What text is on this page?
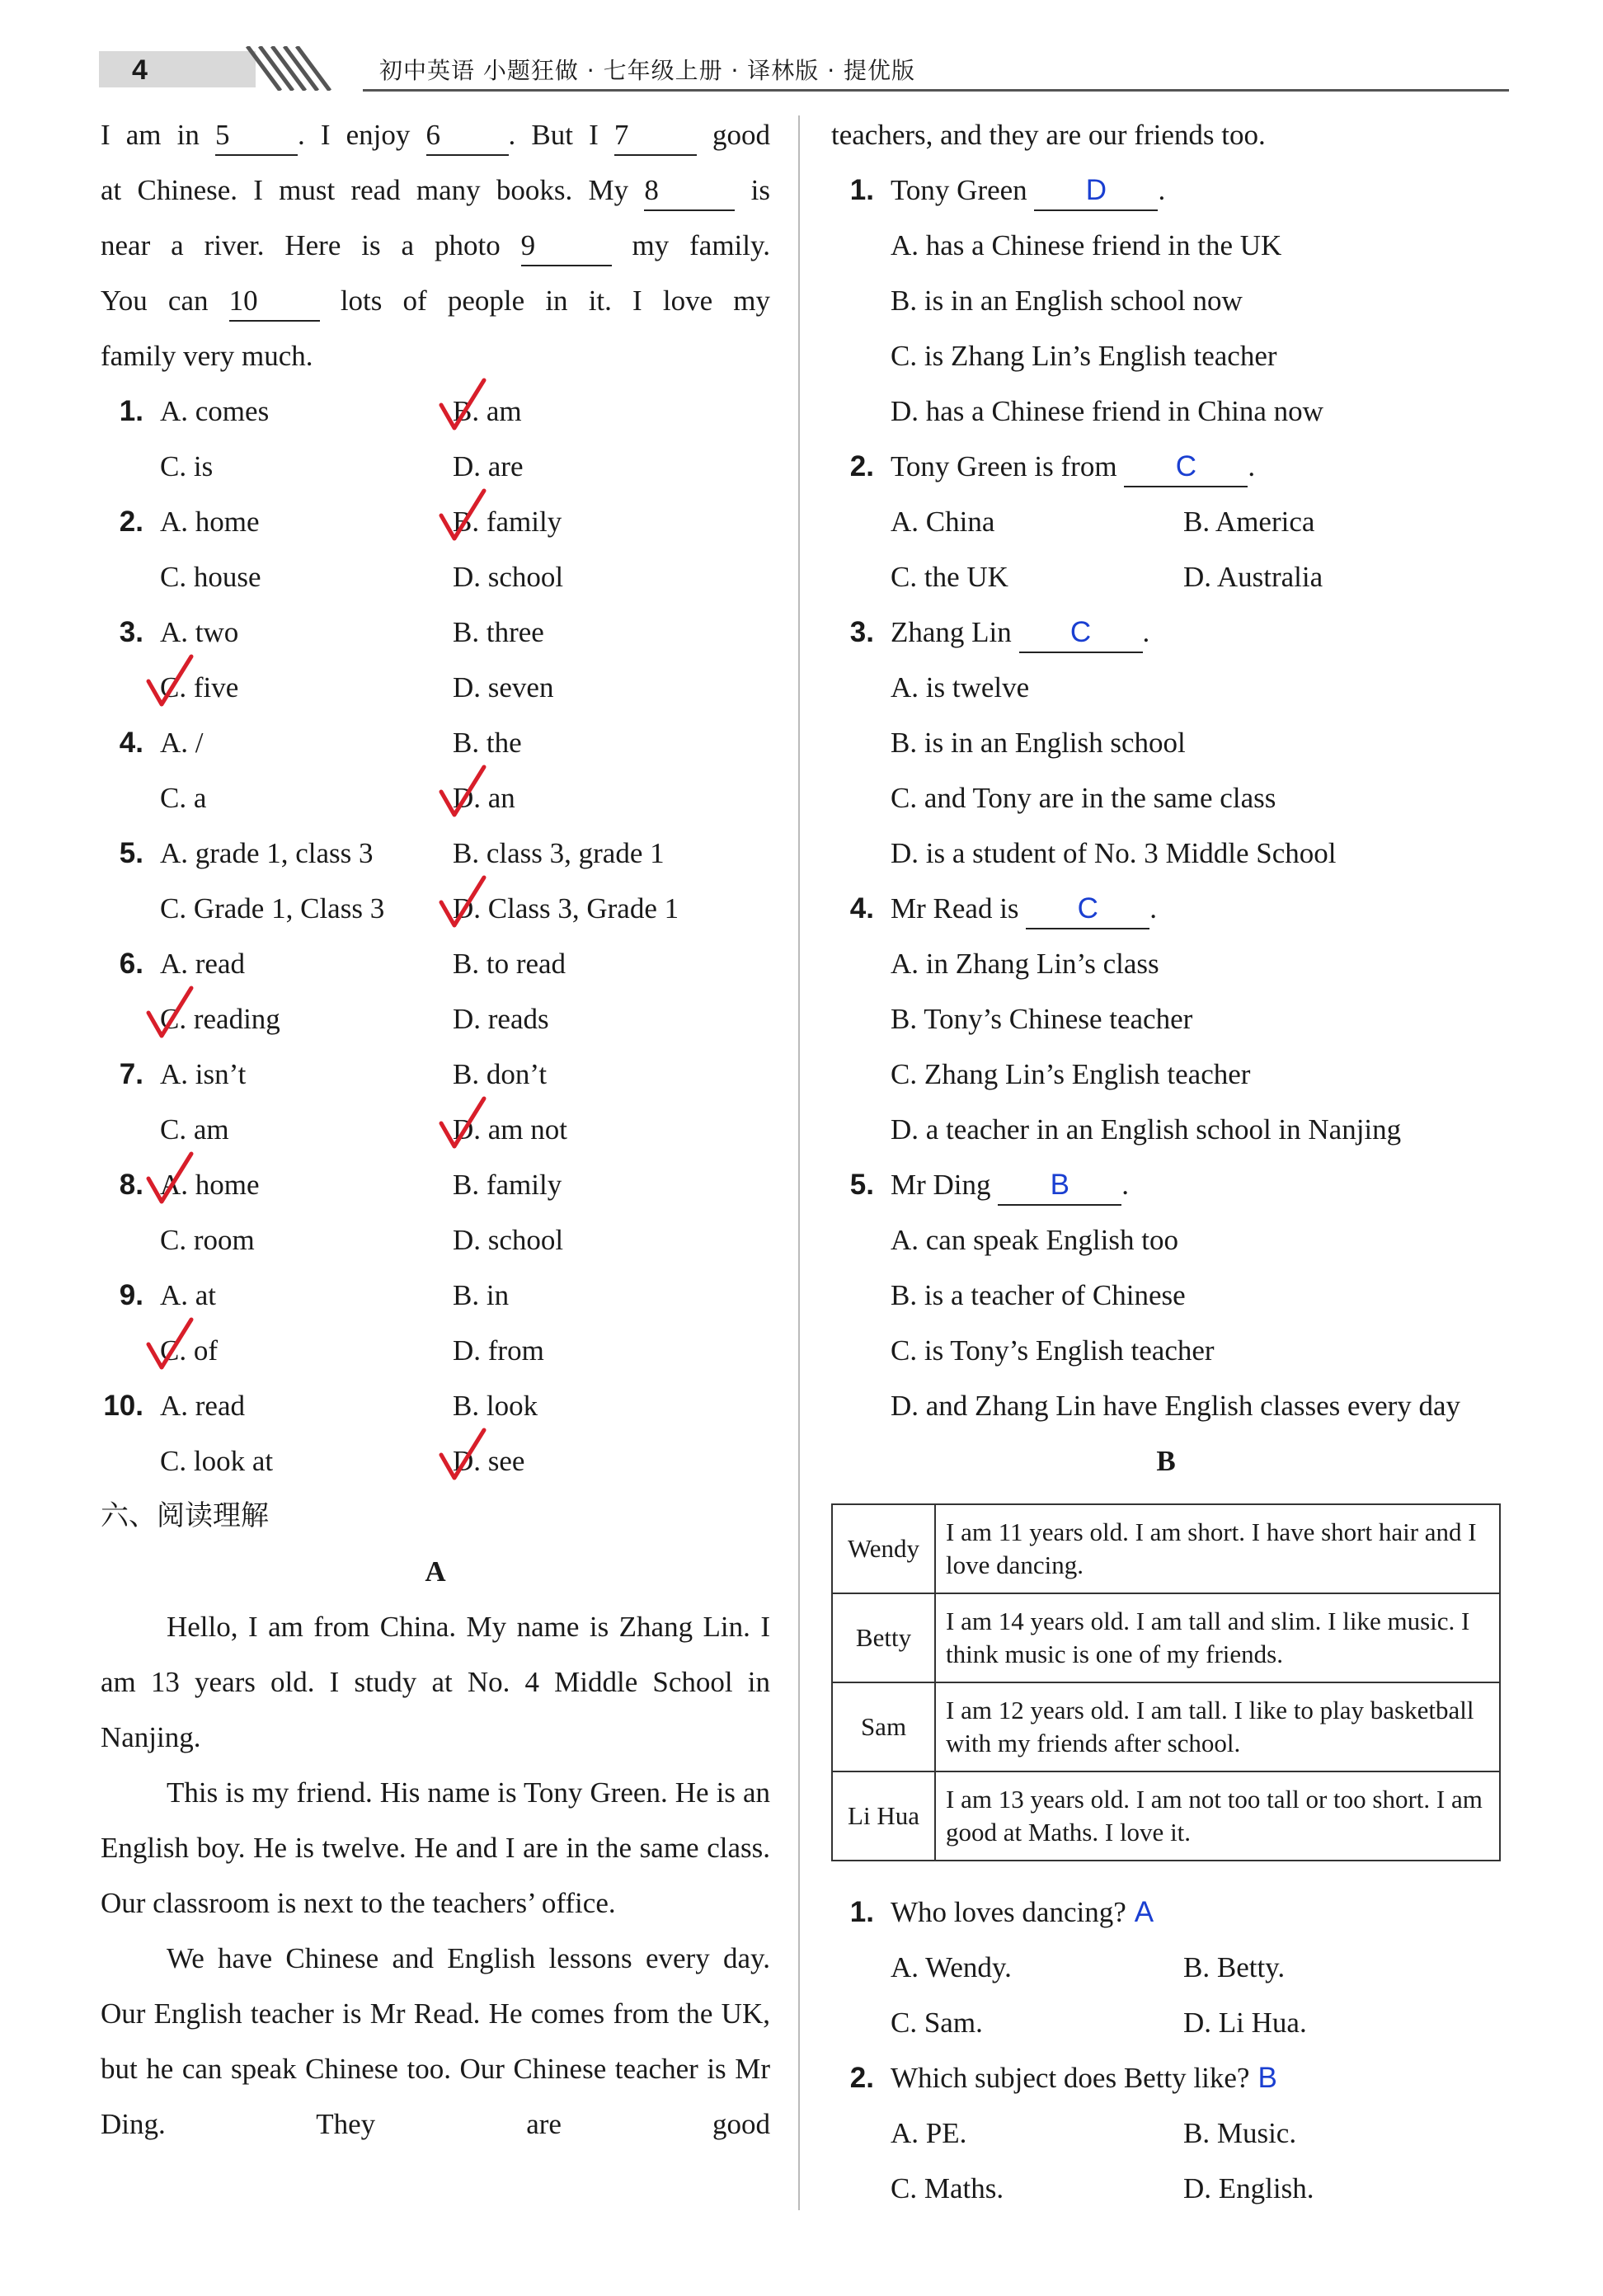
4	初中英语 小题狂做 · 七年级上册 · 译林版 · 提优版
I am in 5 . I enjoy 6 . But I 7 good
at Chinese. I must read many books. My 8	is
near a river. Here is a photo 9	my family.
You can 10 lots of people in it. I love my
family very much.
1. A. comes	B. am
C. is	D. are
2. A. home	B. family
C. house	D. school
3. A. two	B. three
C. five	D. seven
4. A. /	B. the
C. a	D. an
5. A. grade 1, class 3	B. class 3, grade 1
C. Grade 1, Class 3	D. Class 3, Grade 1
6. A. read	B. to read
C. reading	D. reads
7. A. isn’t	B. don’t
C. am	D. am not
8. A. home	B. family
C. room	D. school
9. A. at	B. in
C. of	D. from
10. A. read	B. look
C. look at	D. see
六、阅读理解
A
Hello, I am from China. My name is Zhang Lin. I am 13 years old. I study at No. 4 Middle School in Nanjing.
This is my friend. His name is Tony Green. He is an English boy. He is twelve. He and I are in the same class. Our classroom is next to the teachers’ office.
We have Chinese and English lessons every day. Our English teacher is Mr Read. He comes from the UK, but he can speak Chinese too. Our Chinese teacher is Mr Ding. They are good
teachers, and they are our friends too.
1. Tony Green D .
A. has a Chinese friend in the UK
B. is in an English school now
C. is Zhang Lin’s English teacher
D. has a Chinese friend in China now
2. Tony Green is from C .
A. China	B. America
C. the UK	D. Australia
3. Zhang Lin C .
A. is twelve
B. is in an English school
C. and Tony are in the same class
D. is a student of No. 3 Middle School
4. Mr Read is C .
A. in Zhang Lin’s class
B. Tony’s Chinese teacher
C. Zhang Lin’s English teacher
D. a teacher in an English school in Nanjing
5. Mr Ding B .
A. can speak English too
B. is a teacher of Chinese
C. is Tony’s English teacher
D. and Zhang Lin have English classes every day
B
Wendy	I am 11 years old. I am short. I have short hair and I love dancing.
Betty	I am 14 years old. I am tall and slim. I like music. I think music is one of my friends.
Sam	I am 12 years old. I am tall. I like to play basketball with my friends after school.
Li Hua	I am 13 years old. I am not too tall or too short. I am good at Maths. I love it.
1. Who loves dancing? A
A. Wendy.	B. Betty.
C. Sam.	D. Li Hua.
2. Which subject does Betty like? B
A. PE.	B. Music.
C. Maths.	D. English.
